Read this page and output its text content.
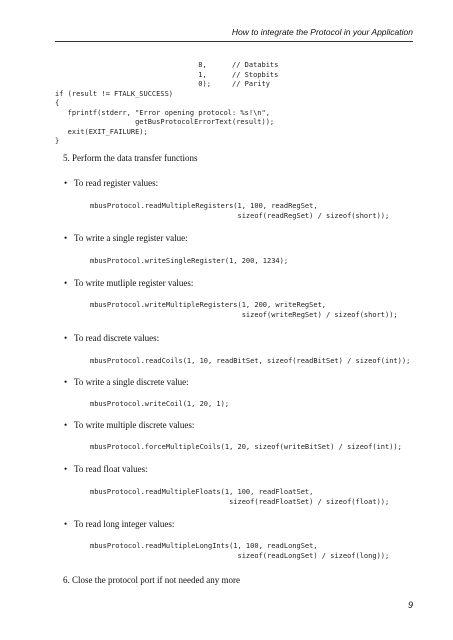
How to integrate the Protocol in your Application
8,      // Databits
1,      // Stopbits
0);     // Parity
if (result != FTALK_SUCCESS)
{
fprintf(stderr, "Error opening protocol: %s!\n",
getBusProtocolErrorText(result));
exit(EXIT_FAILURE);
}
5. Perform the data transfer functions
• To read register values:
mbusProtocol.readMultipleRegisters(1, 100, readRegSet,
sizeof(readRegSet) / sizeof(short));
• To write a single register value:
mbusProtocol.writeSingleRegister(1, 200, 1234);
• To write mutliple register values:
mbusProtocol.writeMultipleRegisters(1, 200, writeRegSet,
sizeof(writeRegSet) / sizeof(short));
• To read discrete values:
mbusProtocol.readCoils(1, 10, readBitSet, sizeof(readBitSet) / sizeof(int));
• To write a single discrete value:
mbusProtocol.writeCoil(1, 20, 1);
• To write multiple discrete values:
mbusProtocol.forceMultipleCoils(1, 20, sizeof(writeBitSet) / sizeof(int));
• To read float values:
mbusProtocol.readMultipleFloats(1, 100, readFloatSet,
sizeof(readFloatSet) / sizeof(float));
• To read long integer values:
mbusProtocol.readMultipleLongInts(1, 100, readLongSet,
sizeof(readLongSet) / sizeof(long));
6. Close the protocol port if not needed any more
9
